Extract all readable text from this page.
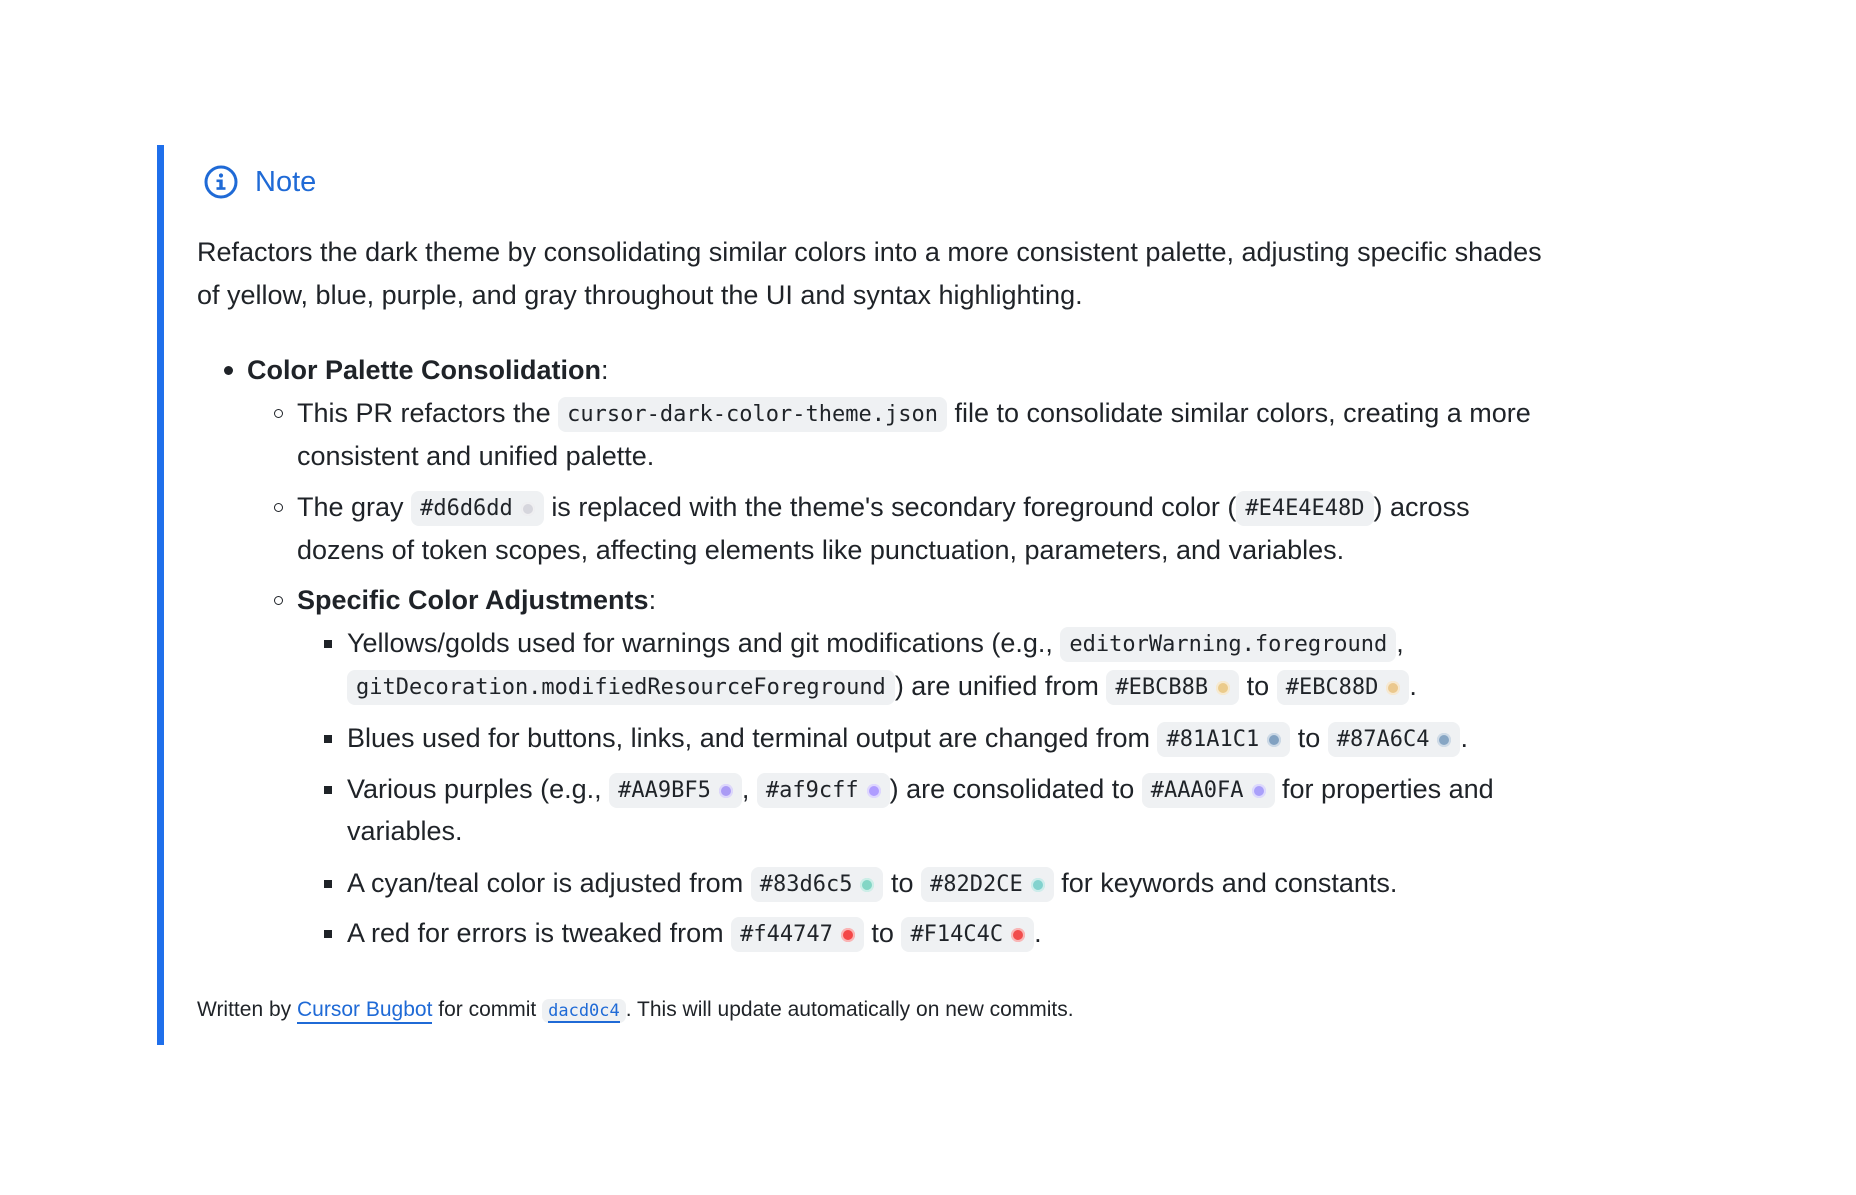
Note
Refactors the dark theme by consolidating similar colors into a more consistent palette, adjusting specific shades
of yellow, blue, purple, and gray throughout the UI and syntax highlighting.
Color Palette Consolidation:
This PR refactors the cursor-dark-color-theme.json file to consolidate similar colors, creating a more
consistent and unified palette.
The gray #d6d6dd is replaced with the theme's secondary foreground color ( #E4E4E48D ) across
dozens of token scopes, affecting elements like punctuation, parameters, and variables.
Specific Color Adjustments:
Yellows/golds used for warnings and git modifications (e.g., editorWarning.foreground ,
gitDecoration.modifiedResourceForeground ) are unified from #EBCB8B to #EBC88D .
Blues used for buttons, links, and terminal output are changed from #81A1C1 to #87A6C4 .
Various purples (e.g., #AA9BF5 , #af9cff ) are consolidated to #AAA0FA for properties and
variables.
A cyan/teal color is adjusted from #83d6c5 to #82D2CE for keywords and constants.
A red for errors is tweaked from #f44747 to #F14C4C .
Written by Cursor Bugbot for commit dacd0c4 . This will update automatically on new commits.
